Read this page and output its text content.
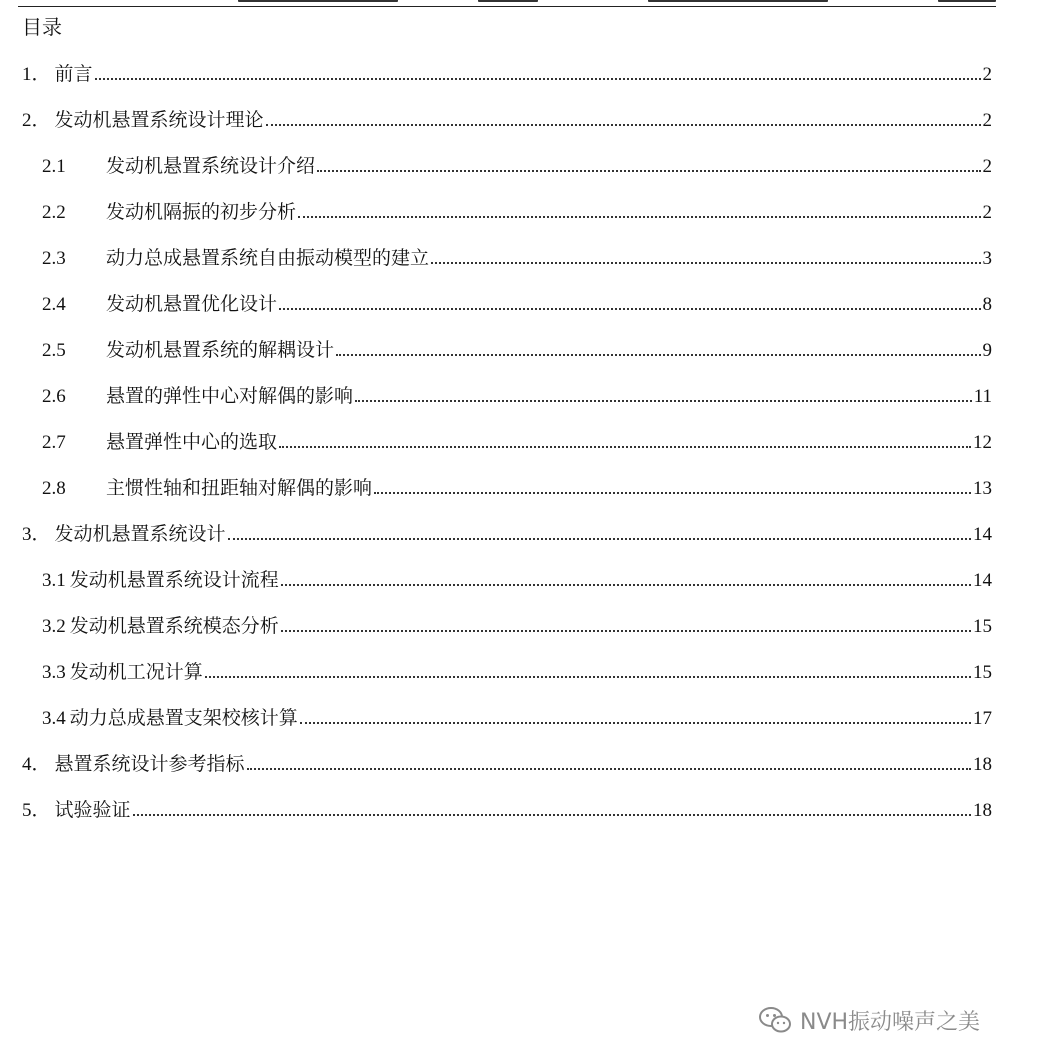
目录
1． 前言	2
2． 发动机悬置系统设计理论	2
2.1	发动机悬置系统设计介绍	2
2.2	发动机隔振的初步分析	2
2.3	动力总成悬置系统自由振动模型的建立	3
2.4	发动机悬置优化设计	8
2.5	发动机悬置系统的解耦设计	9
2.6	悬置的弹性中心对解偶的影响	11
2.7	悬置弹性中心的选取	12
2.8	主惯性轴和扭距轴对解偶的影响	13
3． 发动机悬置系统设计	14
3.1 发动机悬置系统设计流程	14
3.2 发动机悬置系统模态分析	15
3.3 发动机工况计算	15
3.4 动力总成悬置支架校核计算	17
4． 悬置系统设计参考指标	18
5． 试验验证	18
NVH振动噪声之美
